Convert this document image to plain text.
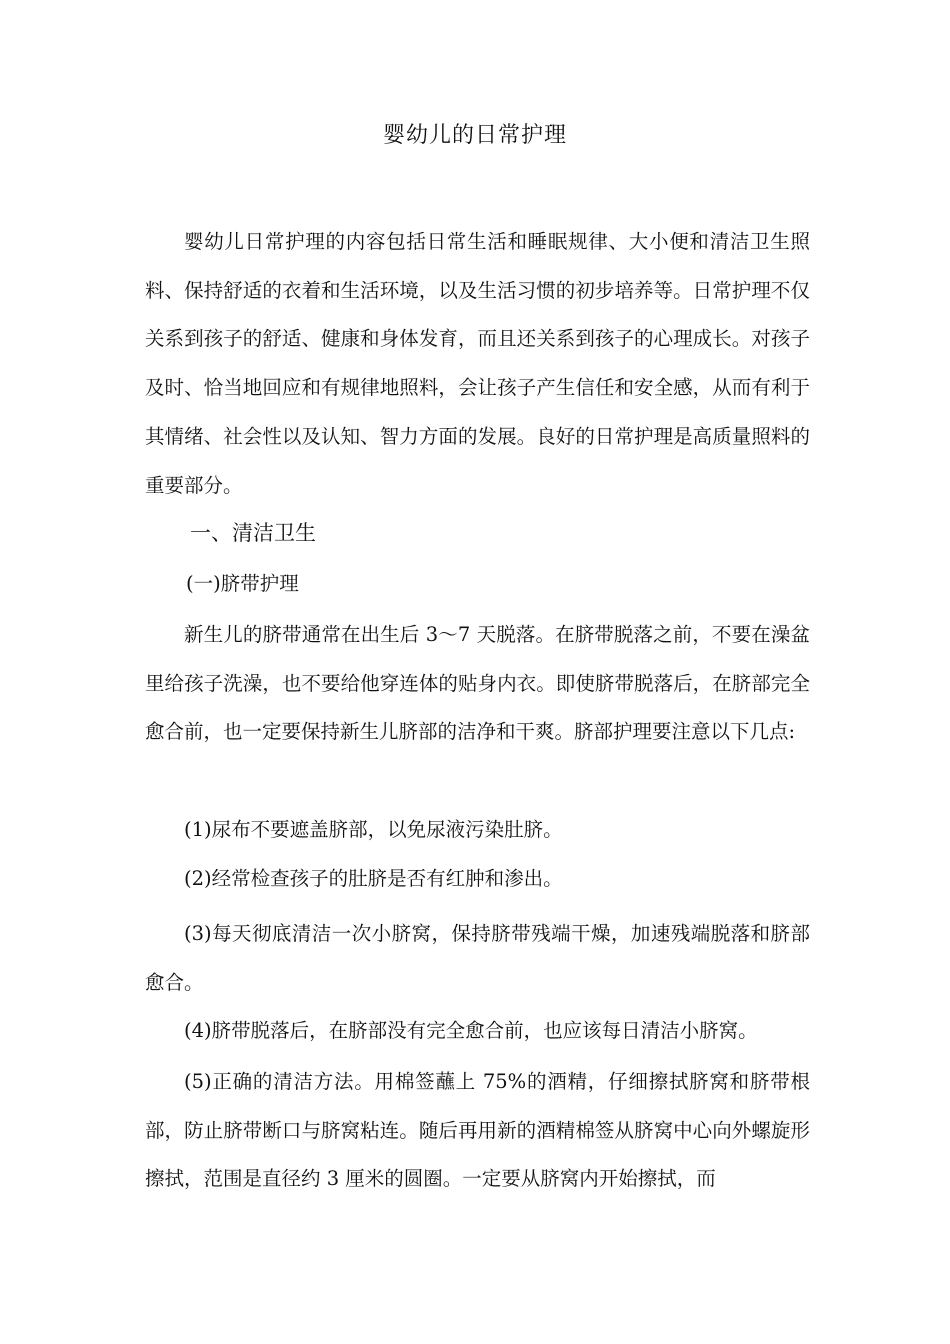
婴幼儿的日常护理

婴幼儿日常护理的内容包括日常生活和睡眠规律、大小便和清洁卫生照料、保持舒适的衣着和生活环境，以及生活习惯的初步培养等。日常护理不仅关系到孩子的舒适、健康和身体发育，而且还关系到孩子的心理成长。对孩子及时、恰当地回应和有规律地照料，会让孩子产生信任和安全感，从而有利于其情绪、社会性以及认知、智力方面的发展。良好的日常护理是高质量照料的重要部分。

一、清洁卫生

(一)脐带护理

新生儿的脐带通常在出生后 3～7 天脱落。在脐带脱落之前，不要在澡盆里给孩子洗澡，也不要给他穿连体的贴身内衣。即使脐带脱落后，在脐部完全愈合前，也一定要保持新生儿脐部的洁净和干爽。脐部护理要注意以下几点:

(1)尿布不要遮盖脐部，以免尿液污染肚脐。

(2)经常检查孩子的肚脐是否有红肿和渗出。

(3)每天彻底清洁一次小脐窝，保持脐带残端干燥，加速残端脱落和脐部愈合。

(4)脐带脱落后，在脐部没有完全愈合前，也应该每日清洁小脐窝。

(5)正确的清洁方法。用棉签蘸上 75%的酒精，仔细擦拭脐窝和脐带根部，防止脐带断口与脐窝粘连。随后再用新的酒精棉签从脐窝中心向外螺旋形擦拭，范围是直径约 3 厘米的圆圈。一定要从脐窝内开始擦拭，而
